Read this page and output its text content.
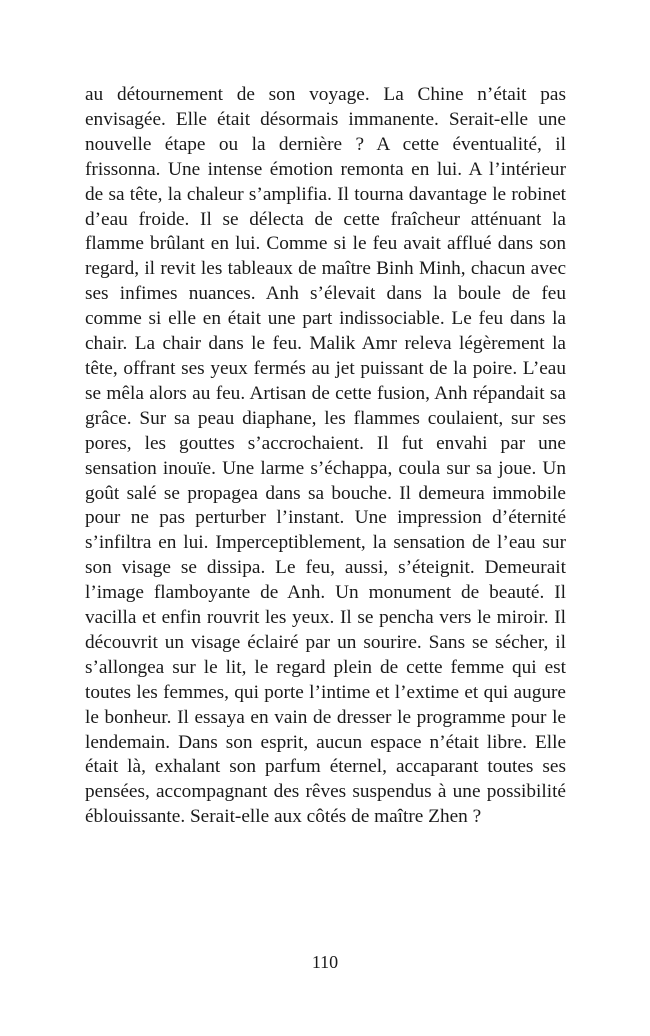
au détournement de son voyage. La Chine n’était pas envisagée. Elle était désormais immanente. Serait-elle une nouvelle étape ou la dernière ? A cette éventualité, il frissonna. Une intense émotion remonta en lui. A l’intérieur de sa tête, la chaleur s’amplifia. Il tourna davantage le robinet d’eau froide. Il se délecta de cette fraîcheur atténuant la flamme brûlant en lui. Comme si le feu avait afflué dans son regard, il revit les tableaux de maître Binh Minh, chacun avec ses infimes nuances. Anh s’élevait dans la boule de feu comme si elle en était une part indissociable. Le feu dans la chair. La chair dans le feu. Malik Amr releva légèrement la tête, offrant ses yeux fermés au jet puissant de la poire. L’eau se mêla alors au feu. Artisan de cette fusion, Anh répandait sa grâce. Sur sa peau diaphane, les flammes coulaient, sur ses pores, les gouttes s’accrochaient. Il fut envahi par une sensation inouïe. Une larme s’échappa, coula sur sa joue. Un goût salé se propagea dans sa bouche. Il demeura immobile pour ne pas perturber l’instant. Une impression d’éternité s’infiltra en lui. Imperceptiblement, la sensation de l’eau sur son visage se dissipa. Le feu, aussi, s’éteignit. Demeurait l’image flamboyante de Anh. Un monument de beauté. Il vacilla et enfin rouvrit les yeux. Il se pencha vers le miroir. Il découvrit un visage éclairé par un sourire. Sans se sécher, il s’allongea sur le lit, le regard plein de cette femme qui est toutes les femmes, qui porte l’intime et l’extime et qui augure le bonheur. Il essaya en vain de dresser le programme pour le lendemain. Dans son esprit, aucun espace n’était libre. Elle était là, exhalant son parfum éternel, accaparant toutes ses pensées, accompagnant des rêves suspendus à une possibilité éblouissante. Serait-elle aux côtés de maître Zhen ?

110
